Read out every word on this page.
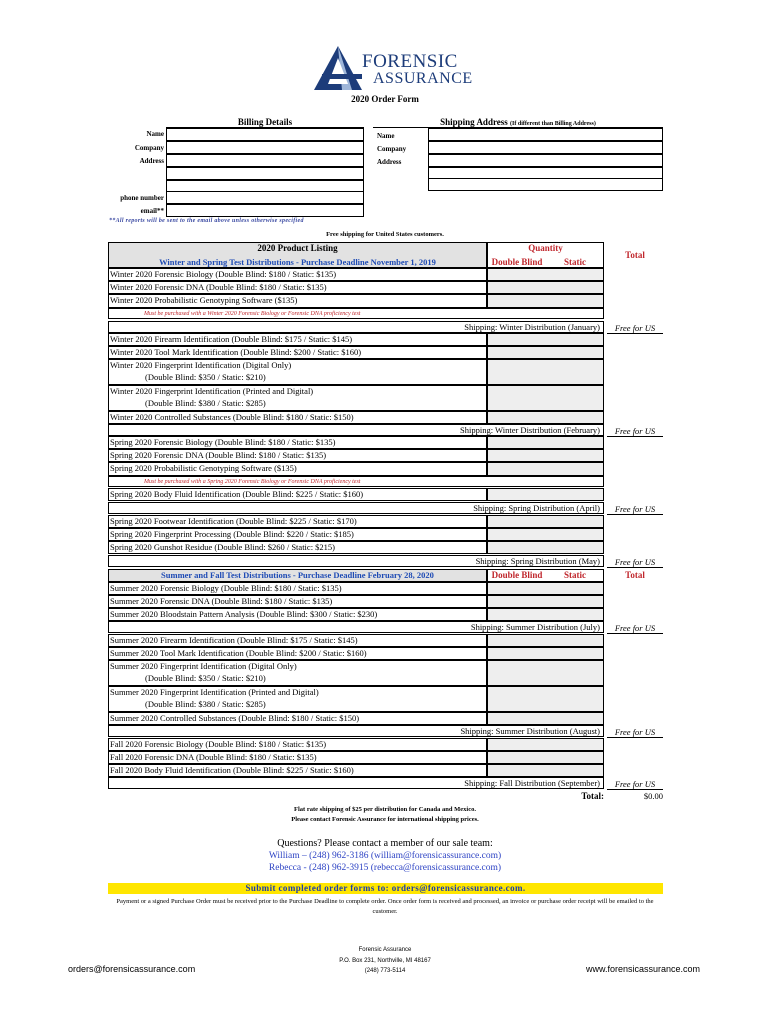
FORENSIC
ASSURANCE
2020 Order Form
Billing Details	Shipping Address (If different than Billing Address)
Name
Company
Address
phone number
email**
Name
Company
Address
**All reports will be sent to the email above unless otherwise specified
Free shipping for United States customers.
2020 Product Listing
Winter and Spring Test Distributions - Purchase Deadline November 1, 2019
Quantity
Double Blind	Static
Total
Winter 2020 Forensic Biology (Double Blind: $180 / Static: $135)
Winter 2020 Forensic DNA (Double Blind: $180 / Static: $135)
Winter 2020 Probabilistic Genotyping Software ($135)
Must be purchased with a Winter 2020 Forensic Biology or Forensic DNA proficiency test
Shipping: Winter Distribution (January)	Free for US
Winter 2020 Firearm Identification (Double Blind: $175 / Static: $145)
Winter 2020 Tool Mark Identification (Double Blind: $200 / Static: $160)
Winter 2020 Fingerprint Identification (Digital Only)
(Double Blind: $350 / Static: $210)
Winter 2020 Fingerprint Identification (Printed and Digital)
(Double Blind: $380 / Static: $285)
Winter 2020 Controlled Substances (Double Blind: $180 / Static: $150)
Shipping: Winter Distribution (February)	Free for US
Spring 2020 Forensic Biology (Double Blind: $180 / Static: $135)
Spring 2020 Forensic DNA (Double Blind: $180 / Static: $135)
Spring 2020 Probabilistic Genotyping Software ($135)
Must be purchased with a Spring 2020 Forensic Biology or Forensic DNA proficiency test
Spring 2020 Body Fluid Identification (Double Blind: $225 / Static: $160)
Shipping: Spring Distribution (April)	Free for US
Spring 2020 Footwear Identification (Double Blind: $225 / Static: $170)
Spring 2020 Fingerprint Processing (Double Blind: $220 / Static: $185)
Spring 2020 Gunshot Residue (Double Blind: $260 / Static: $215)
Shipping: Spring Distribution (May)	Free for US
Summer and Fall Test Distributions - Purchase Deadline February 28, 2020	Double Blind	Static	Total
Summer 2020 Forensic Biology (Double Blind: $180 / Static: $135)
Summer 2020 Forensic DNA (Double Blind: $180 / Static: $135)
Summer 2020 Bloodstain Pattern Analysis (Double Blind: $300 / Static: $230)
Shipping: Summer Distribution (July)	Free for US
Summer 2020 Firearm Identification (Double Blind: $175 / Static: $145)
Summer 2020 Tool Mark Identification (Double Blind: $200 / Static: $160)
Summer 2020 Fingerprint Identification (Digital Only)
(Double Blind: $350 / Static: $210)
Summer 2020 Fingerprint Identification (Printed and Digital)
(Double Blind: $380 / Static: $285)
Summer 2020 Controlled Substances (Double Blind: $180 / Static: $150)
Shipping: Summer Distribution (August)	Free for US
Fall 2020 Forensic Biology (Double Blind: $180 / Static: $135)
Fall 2020 Forensic DNA (Double Blind: $180 / Static: $135)
Fall 2020 Body Fluid Identification (Double Blind: $225 / Static: $160)
Shipping: Fall Distribution (September)	Free for US
Total:	$0.00
Flat rate shipping of $25 per distribution for Canada and Mexico.
Please contact Forensic Assurance for international shipping prices.
Questions? Please contact a member of our sale team:
William – (248) 962-3186 (william@forensicassurance.com)
Rebecca - (248) 962-3915 (rebecca@forensicassurance.com)
Submit completed order forms to: orders@forensicassurance.com.
Payment or a signed Purchase Order must be received prior to the Purchase Deadline to complete order. Once order form is received and processed, an invoice or purchase order receipt will be emailed to the customer.
Forensic Assurance
P.O. Box 231, Northville, MI 48167
(248) 773-5114
orders@forensicassurance.com	www.forensicassurance.com
